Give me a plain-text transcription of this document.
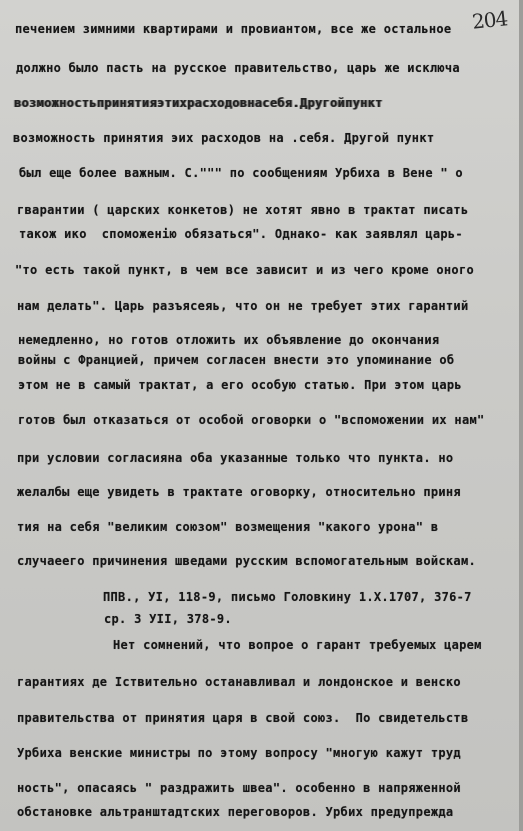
204
печением зимними квартирами и провиантом, все же остальное
должно было пасть на русское правительство, царь же исключа
возможностьпринятияэтихрасходовнасебя.Другойпункт
возможность принятия эих расходов на .себя. Другой пункт
был еще более важным. С.""" по сообщениям Урбиха в Вене " о
гварантии ( царских конкетов) не хотят явно в трактат писать
також ико  споможенію обязаться". Однако- как заявлял царь-
"то есть такой пункт, в чем все зависит и из чего кроме оного
нам делать". Царь разъясеяь, что он не требует этих гарантий
немедленно, но готов отложить их объявление до окончания
войны с Францией, причем согласен внести это упоминание об
этом не в самый трактат, а его особую статью. При этом царь
готов был отказаться от особой оговорки о "вспоможении их нам"
при условии согласияна оба указанные только что пункта. но
желалбы еще увидеть в трактате оговорку, относительно приня
тия на себя "великим союзом" возмещения "какого урона" в
случаеего причинения шведами русским вспомогательным войскам.
ППВ., УІ, 118-9, письмо Головкину 1.Х.1707, 376-7
ср. З УІІ, 378-9.
Нет сомнений, что вопрое о гарант требуемых царем
гарантиях де Іствительно останавливал и лондонское и венско
правительства от принятия царя в свой союз.  По свидетельств
Урбиха венские министры по этому вопросу "многую кажут труд
ность", опасаясь " раздражить швеа". особенно в напряженной
обстановке альтранштадтских переговоров. Урбих предупрежда
